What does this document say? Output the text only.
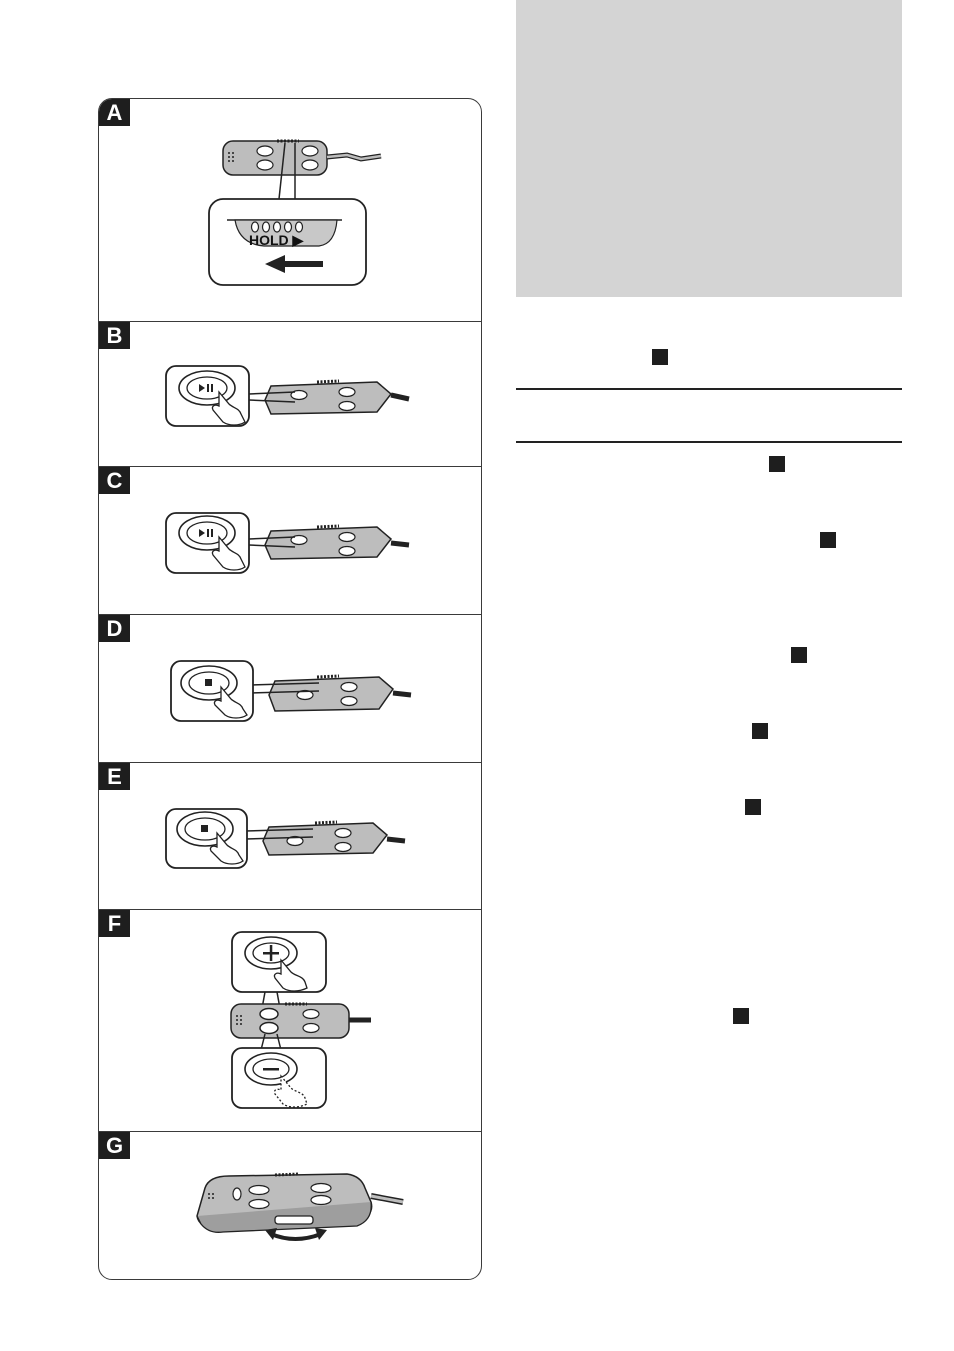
A
HOLD ▶
B
C
D
E
F
G
